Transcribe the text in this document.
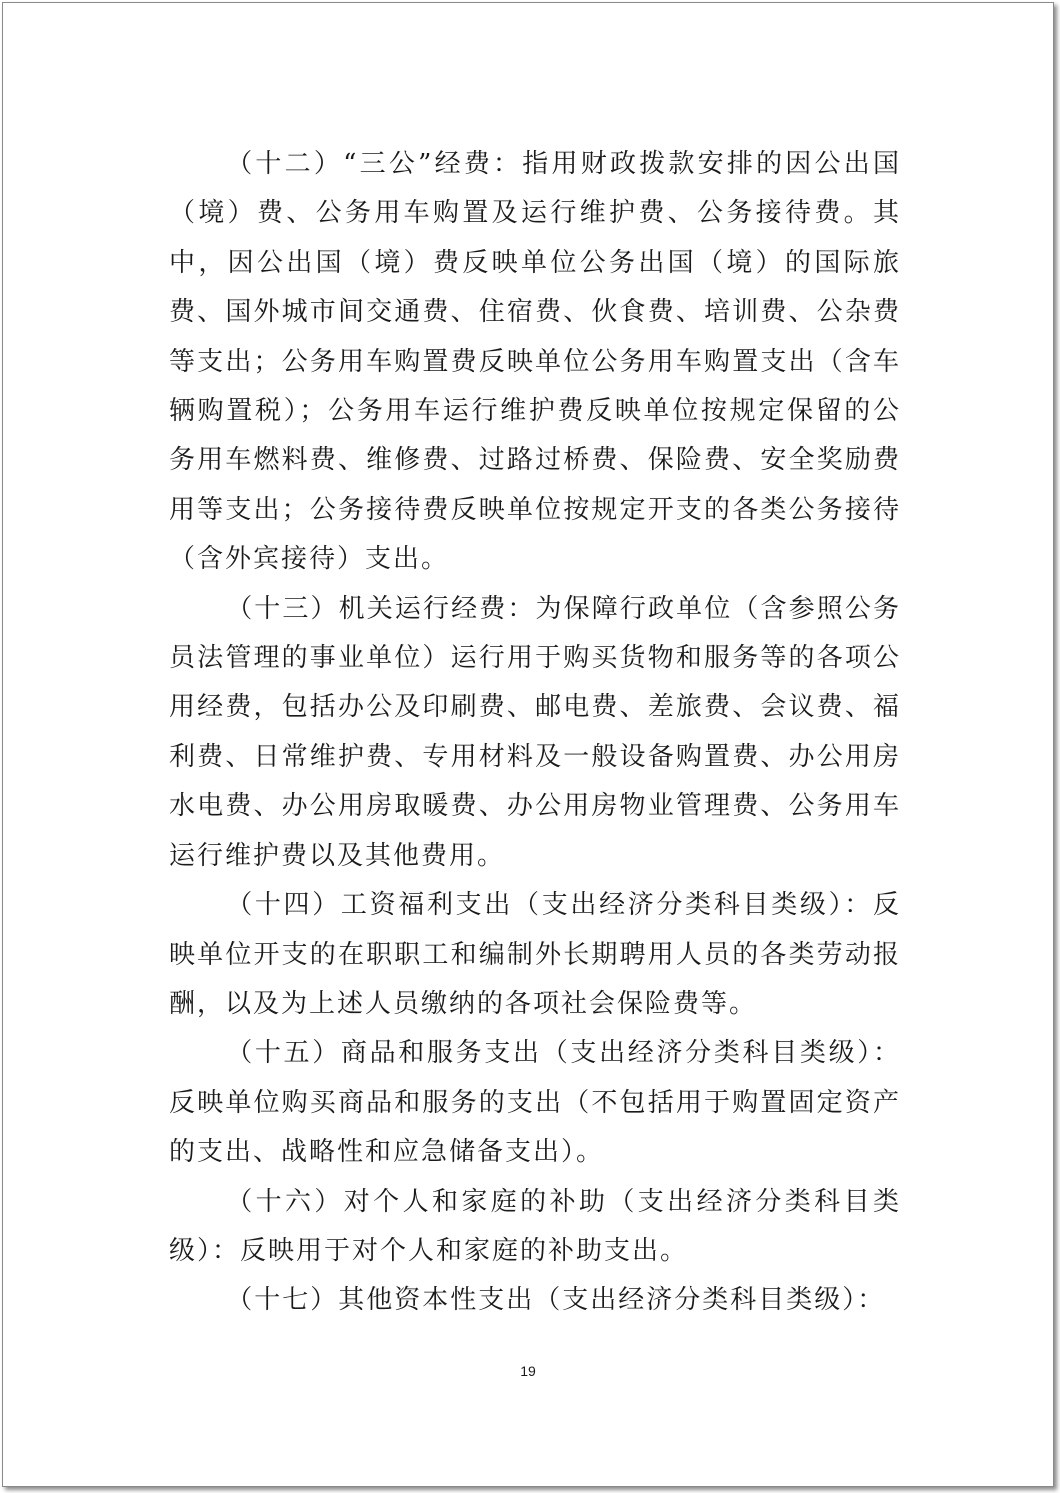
（十二）“三公”经费：指用财政拨款安排的因公出国（境）费、公务用车购置及运行维护费、公务接待费。其中，因公出国（境）费反映单位公务出国（境）的国际旅费、国外城市间交通费、住宿费、伙食费、培训费、公杂费等支出；公务用车购置费反映单位公务用车购置支出（含车辆购置税）；公务用车运行维护费反映单位按规定保留的公务用车燃料费、维修费、过路过桥费、保险费、安全奖励费用等支出；公务接待费反映单位按规定开支的各类公务接待（含外宾接待）支出。

（十三）机关运行经费：为保障行政单位（含参照公务员法管理的事业单位）运行用于购买货物和服务等的各项公用经费，包括办公及印刷费、邮电费、差旅费、会议费、福利费、日常维护费、专用材料及一般设备购置费、办公用房水电费、办公用房取暖费、办公用房物业管理费、公务用车运行维护费以及其他费用。

（十四）工资福利支出（支出经济分类科目类级）：反映单位开支的在职职工和编制外长期聘用人员的各类劳动报酬，以及为上述人员缴纳的各项社会保险费等。

（十五）商品和服务支出（支出经济分类科目类级）：反映单位购买商品和服务的支出（不包括用于购置固定资产的支出、战略性和应急储备支出）。

（十六）对个人和家庭的补助（支出经济分类科目类级）：反映用于对个人和家庭的补助支出。

（十七）其他资本性支出（支出经济分类科目类级）：

19
